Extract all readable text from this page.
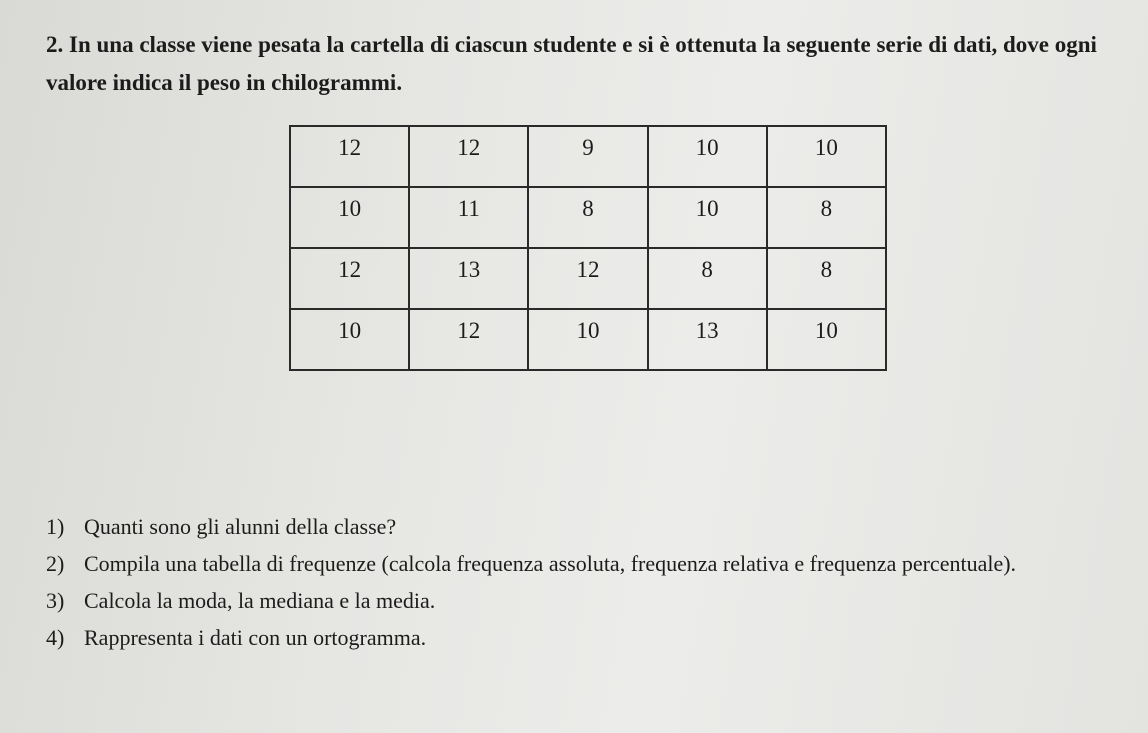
2. In una classe viene pesata la cartella di ciascun studente e si è ottenuta la seguente serie di dati, dove ogni valore indica il peso in chilogrammi.

12	12	9	10	10
10	11	8	10	8
12	13	12	8	8
10	12	10	13	10
1) Quanti sono gli alunni della classe?
2) Compila una tabella di frequenze (calcola frequenza assoluta, frequenza relativa e frequenza percentuale).
3) Calcola la moda, la mediana e la media.
4) Rappresenta i dati con un ortogramma.
